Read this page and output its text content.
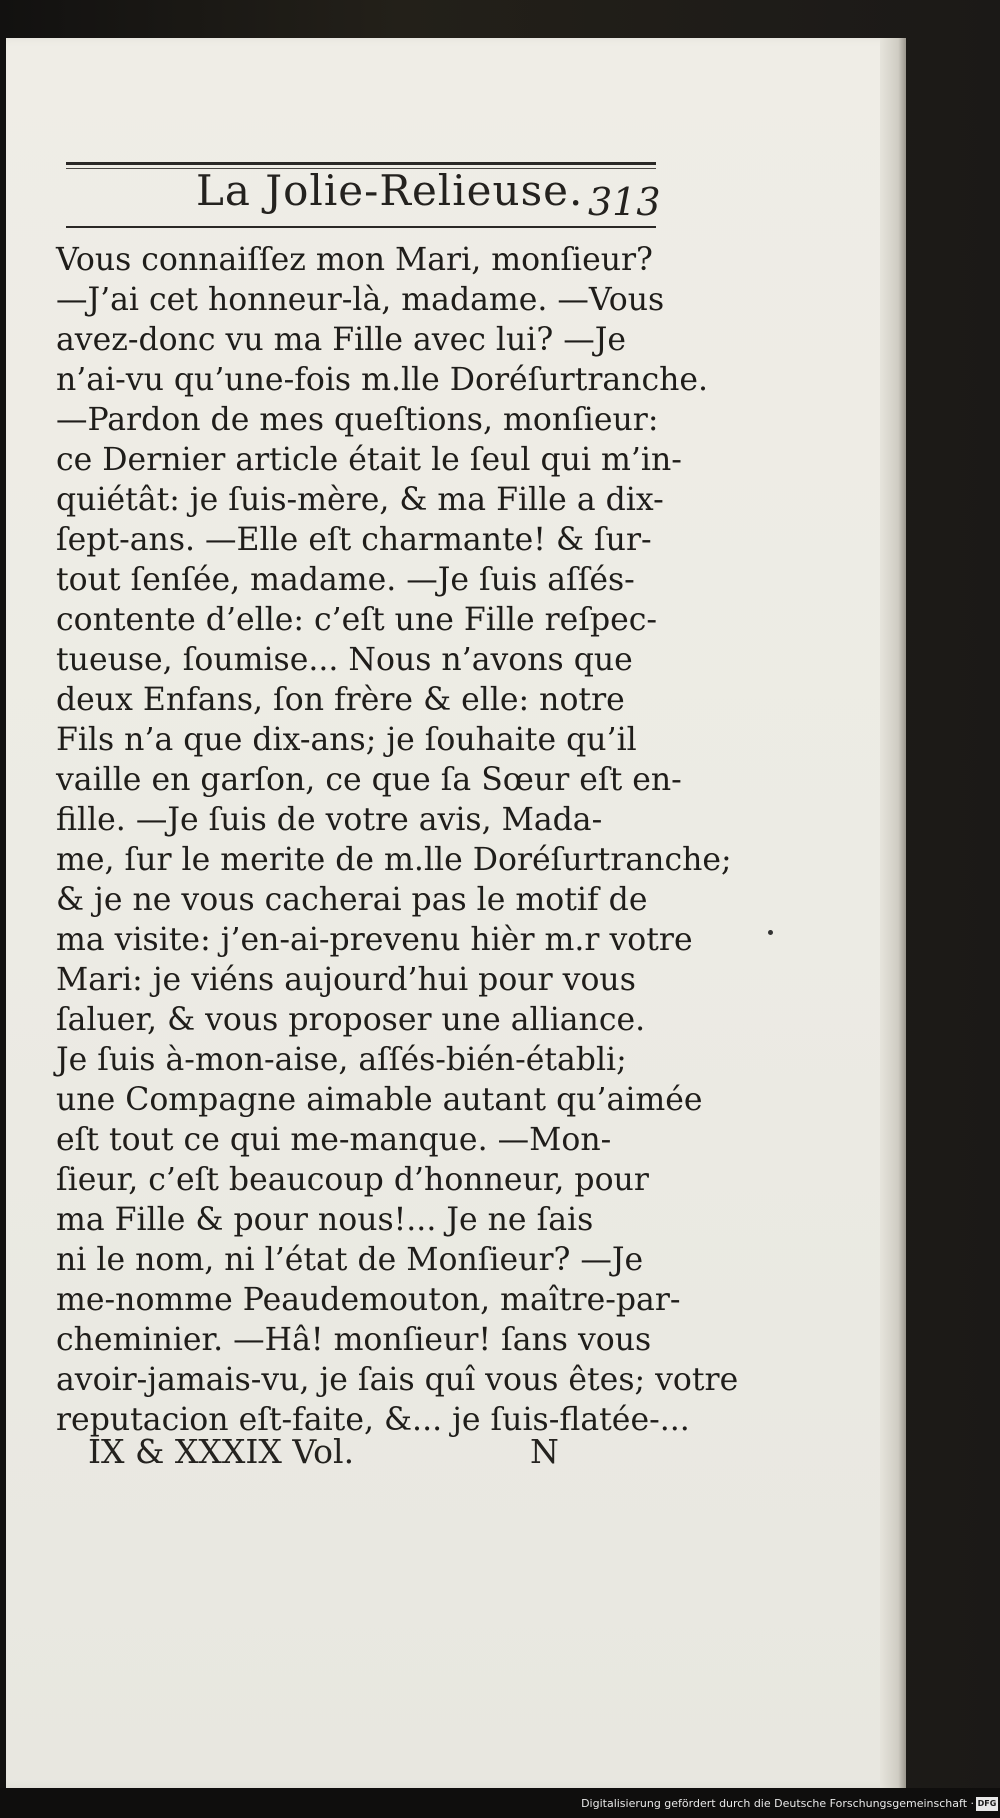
La Jolie-Relieuse. 313
Vous connaiſſez mon Mari, monſieur?
—J’ai cet honneur-là, madame. —Vous
avez-donc vu ma Fille avec lui? —Je
n’ai-vu qu’une-fois m.lle Doréſurtranche.
—Pardon de mes queſtions, monſieur:
ce Dernier article était le ſeul qui m’in-
quiétât: je ſuis-mère, & ma Fille a dix-
ſept-ans. —Elle eſt charmante! & ſur-
tout ſenſée, madame. —Je ſuis aſſés-
contente d’elle: c’eſt une Fille reſpec-
tueuse, ſoumise... Nous n’avons que
deux Enfans, ſon frère & elle: notre
Fils n’a que dix-ans; je ſouhaite qu’il
vaille en garſon, ce que ſa Sœur eſt en-
fille. —Je ſuis de votre avis, Mada-
me, ſur le merite de m.lle Doréſurtranche;
& je ne vous cacherai pas le motif de
ma visite: j’en-ai-prevenu hièr m.r votre
Mari: je viéns aujourd’hui pour vous
ſaluer, & vous proposer une alliance.
Je ſuis à-mon-aise, aſſés-bién-établi;
une Compagne aimable autant qu’aimée
eſt tout ce qui me-manque. —Mon-
ſieur, c’eſt beaucoup d’honneur, pour
ma Fille & pour nous!... Je ne ſais
ni le nom, ni l’état de Monſieur? —Je
me-nomme Peaudemouton, maître-par-
cheminier. —Hâ! monſieur! ſans vous
avoir-jamais-vu, je ſais quî vous êtes; votre
reputacion eſt-faite, &... je ſuis-flatée-...
IX & XXXIX Vol.	N
Digitalisierung gefördert durch die Deutsche Forschungsgemeinschaft · DFG
